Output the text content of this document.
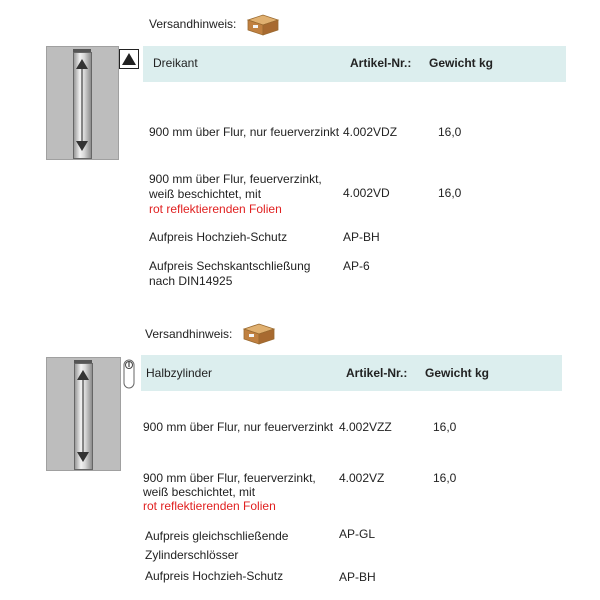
Versandhinweis:
Dreikant	Artikel-Nr.: Gewicht kg
900 mm über Flur, nur feuerverzinkt 4.002VDZ	16,0
900 mm über Flur, feuerverzinkt,
weiß beschichtet, mit
rot reflektierenden Folien
4.002VD	16,0
Aufpreis Hochzieh-Schutz	AP-BH
Aufpreis Sechskantschließung
nach DIN14925
AP-6
Versandhinweis:
Halbzylinder	Artikel-Nr.: Gewicht kg
900 mm über Flur, nur feuerverzinkt 4.002VZZ	16,0
900 mm über Flur, feuerverzinkt,
weiß beschichtet, mit
rot reflektierenden Folien
4.002VZ	16,0
Aufpreis gleichschließende
Zylinderschlösser
AP-GL
Aufpreis Hochzieh-Schutz	AP-BH
